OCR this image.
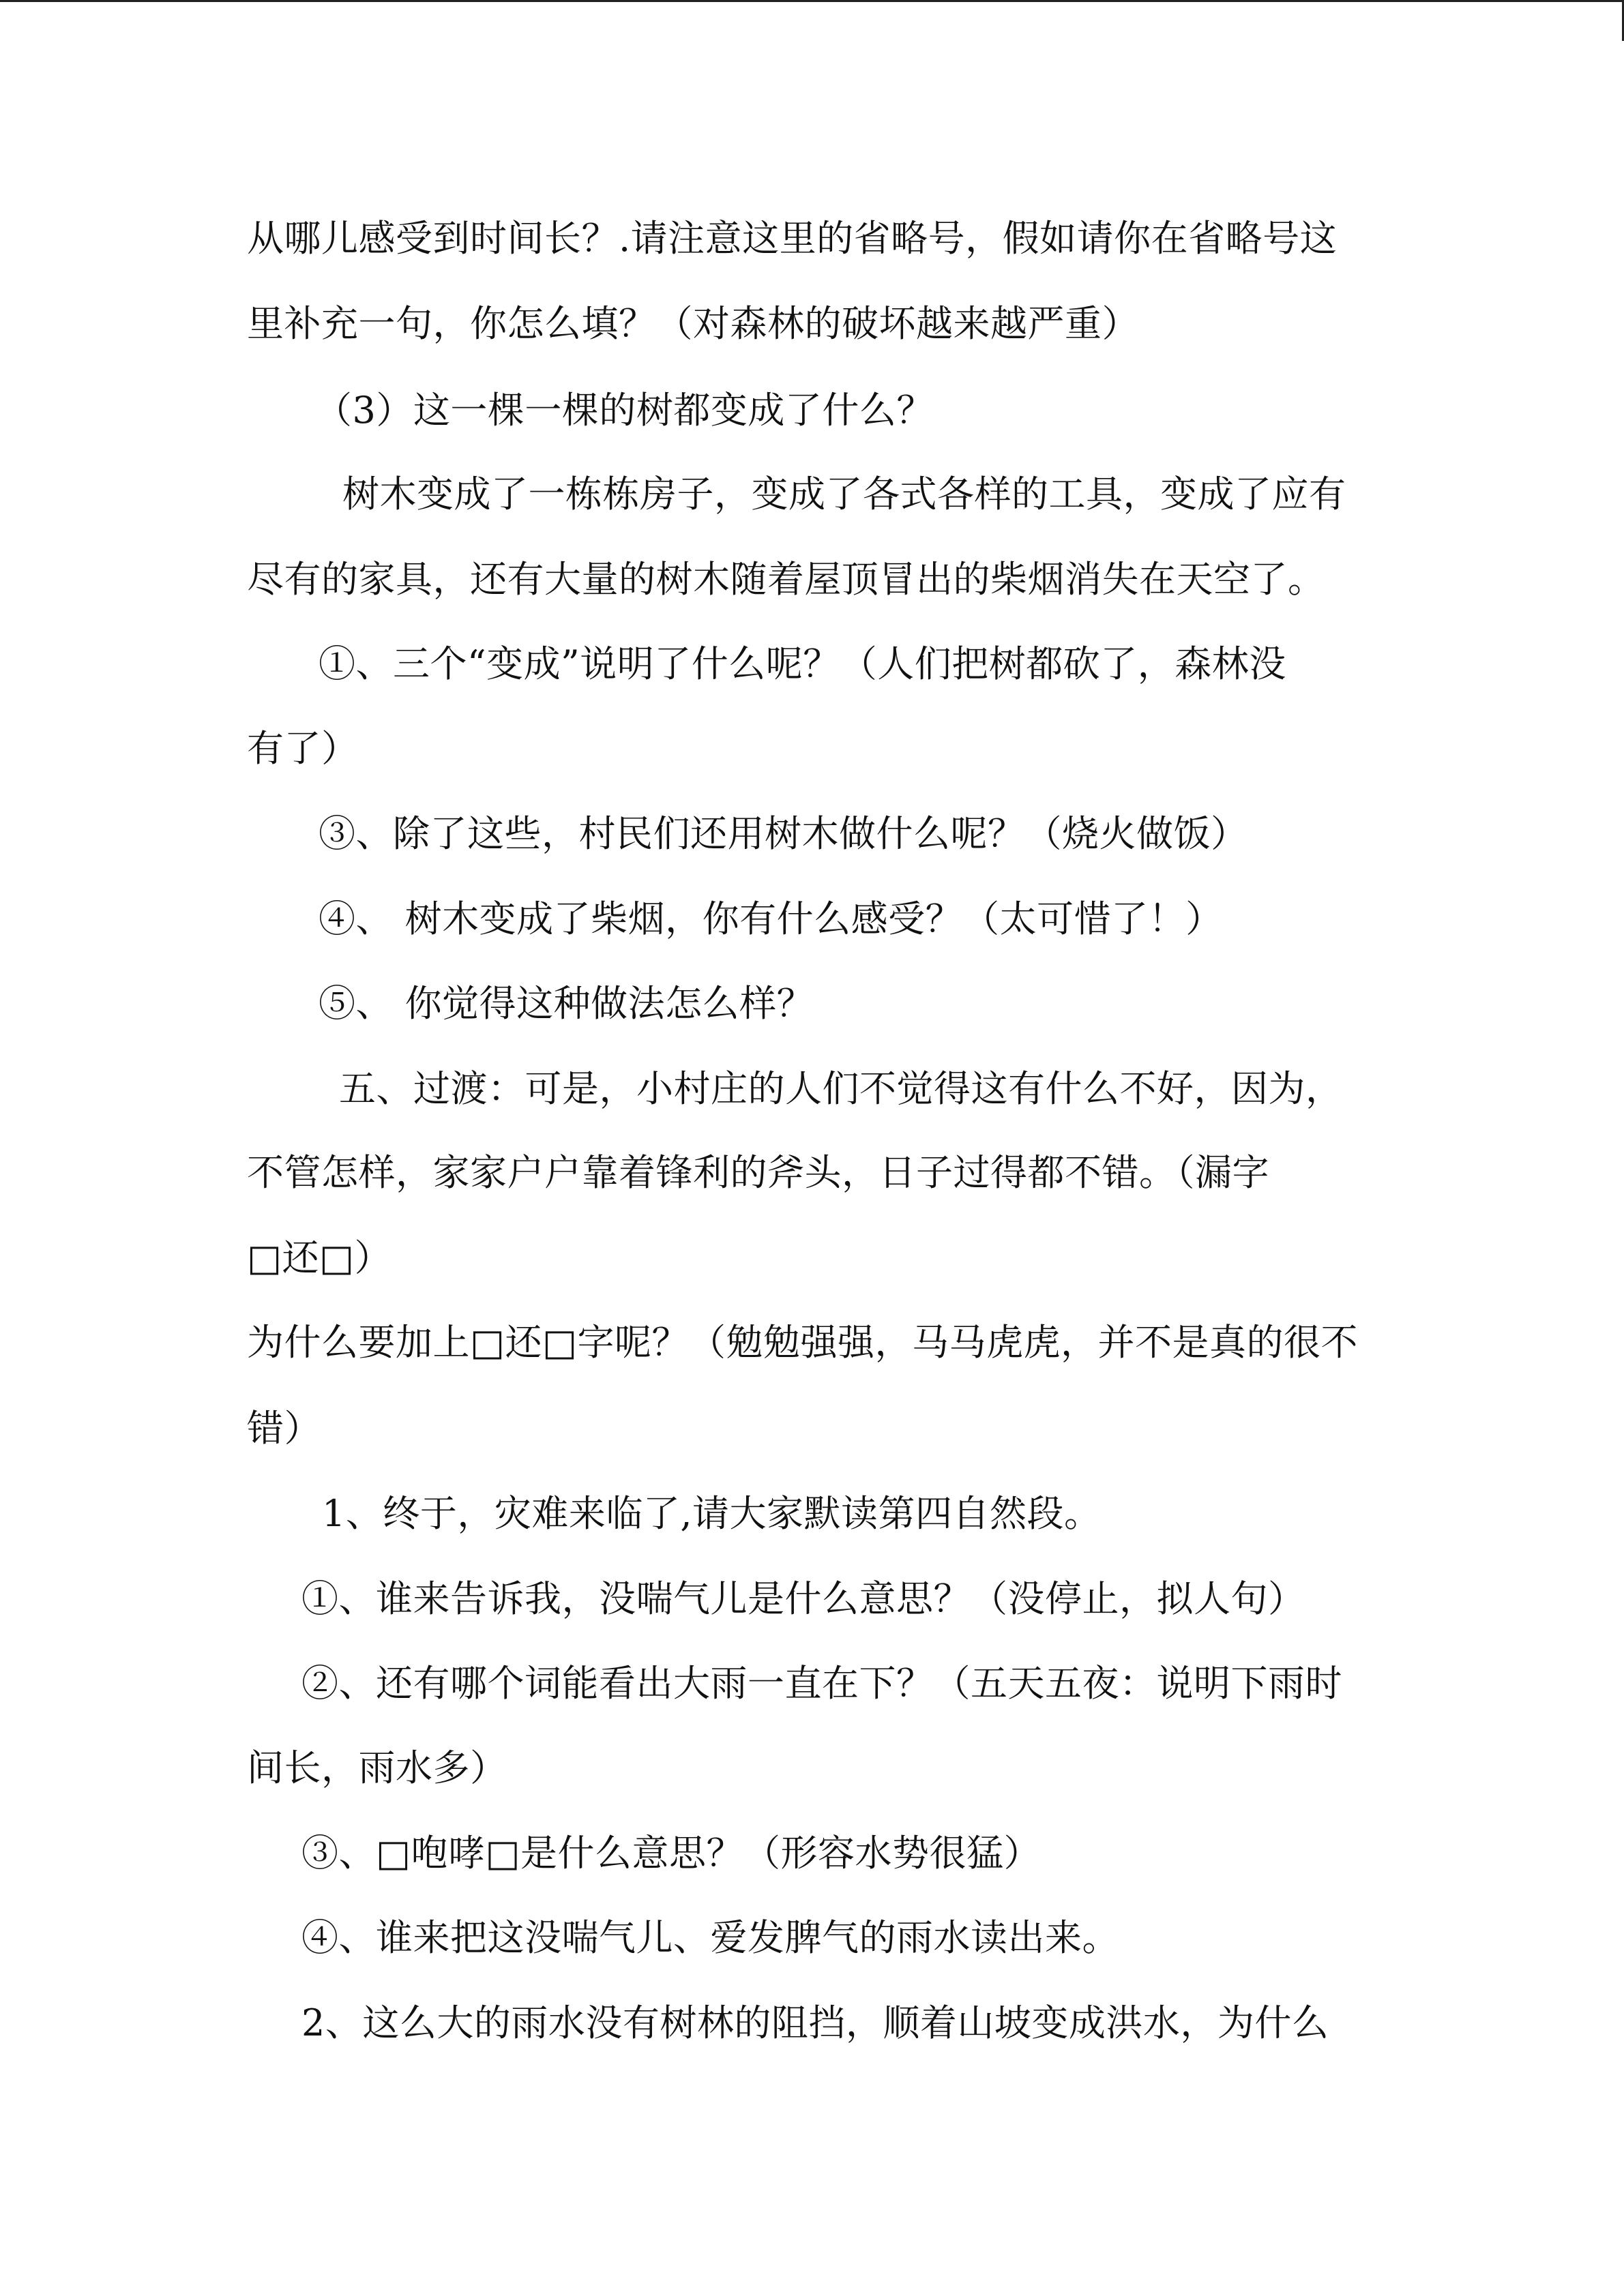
从哪儿感受到时间长？.请注意这里的省略号，假如请你在省略号这
里补充一句，你怎么填？（对森林的破坏越来越严重）
（3）这一棵一棵的树都变成了什么？
树木变成了一栋栋房子，变成了各式各样的工具，变成了应有
尽有的家具，还有大量的树木随着屋顶冒出的柴烟消失在天空了。
①、三个“变成”说明了什么呢？（人们把树都砍了，森林没
有了）
③、除了这些，村民们还用树木做什么呢？（烧火做饭）
④、 树木变成了柴烟，你有什么感受？（太可惜了！）
⑤、 你觉得这种做法怎么样？
五、过渡：可是，小村庄的人们不觉得这有什么不好，因为，
不管怎样，家家户户靠着锋利的斧头，日子过得都不错。（漏字
□还□）
为什么要加上□还□字呢？（勉勉强强，马马虎虎，并不是真的很不
错）
1、终于，灾难来临了,请大家默读第四自然段。
①、谁来告诉我，没喘气儿是什么意思？（没停止，拟人句）
②、还有哪个词能看出大雨一直在下？（五天五夜：说明下雨时
间长，雨水多）
③、□咆哮□是什么意思？（形容水势很猛）
④、谁来把这没喘气儿、爱发脾气的雨水读出来。
2、这么大的雨水没有树林的阻挡，顺着山坡变成洪水，为什么
